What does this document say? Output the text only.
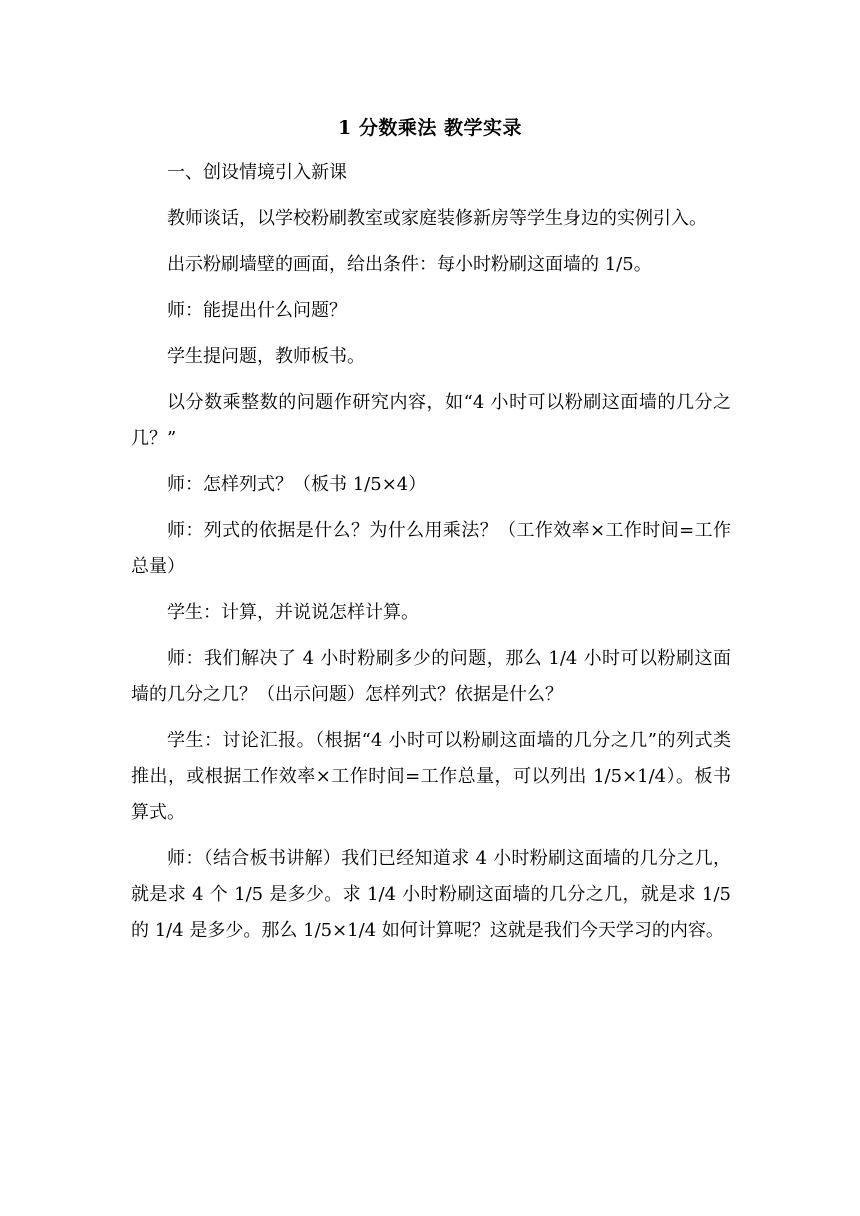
1 分数乘法 教学实录

一、创设情境引入新课

教师谈话，以学校粉刷教室或家庭装修新房等学生身边的实例引入。

出示粉刷墙壁的画面，给出条件：每小时粉刷这面墙的 1/5。

师：能提出什么问题？

学生提问题，教师板书。

以分数乘整数的问题作研究内容，如“4 小时可以粉刷这面墙的几分之几？”

师：怎样列式？（板书 1/5×4）

师：列式的依据是什么？为什么用乘法？（工作效率×工作时间=工作总量）

学生：计算，并说说怎样计算。

师：我们解决了 4 小时粉刷多少的问题，那么 1/4 小时可以粉刷这面墙的几分之几？（出示问题）怎样列式？依据是什么？

学生：讨论汇报。（根据“4 小时可以粉刷这面墙的几分之几”的列式类推出，或根据工作效率×工作时间=工作总量，可以列出 1/5×1/4）。板书算式。

师：（结合板书讲解）我们已经知道求 4 小时粉刷这面墙的几分之几，就是求 4 个 1/5 是多少。求 1/4 小时粉刷这面墙的几分之几，就是求 1/5 的 1/4 是多少。那么 1/5×1/4 如何计算呢？这就是我们今天学习的内容。
